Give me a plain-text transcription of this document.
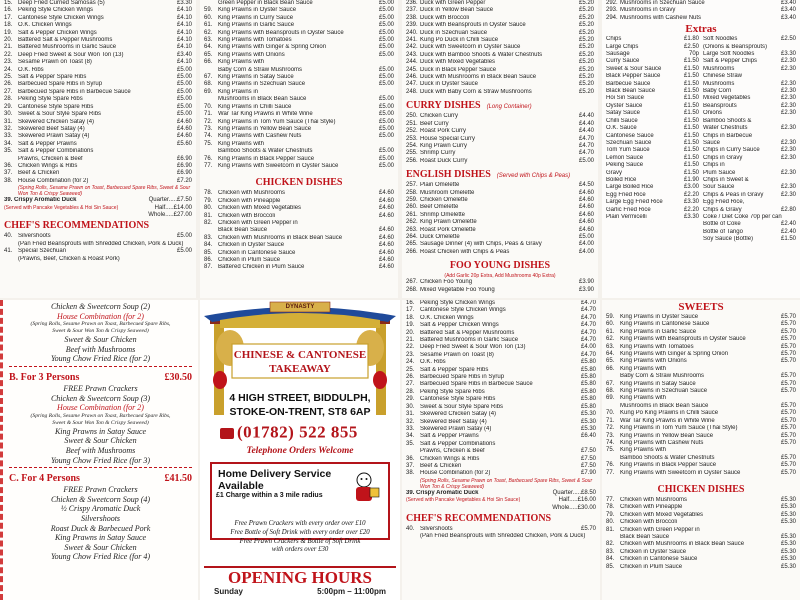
15. Deep Fried Curried Samosas (5)	£3.30
16. Peking Style Chicken Wings	£4.10
17. Cantonese Style Chicken Wings	£4.10
18. O.K. Chicken Wings	£4.10
19. Salt & Pepper Chicken Wings	£4.10
20. Battered Salt & Pepper Mushrooms	£4.10
21. Battered Mushrooms in Garlic Sauce	£4.10
22. Deep Fried Sweet & Sour Won Ton (13)	£3.40
23. Sesame Prawn on Toast (8)	£4.10
24. O.K. Ribs	£5.00
25. Salt & Pepper Spare Ribs	£5.00
26. Barbecued Spare Ribs in Syrup	£5.00
27. Barbecued Spare Ribs in Barbecue Sauce	£5.00
28. Peking Style Spare Ribs	£5.00
29. Cantonese Style Spare Ribs	£5.00
30. Sweet & Sour Style Spare Ribs	£5.00
31. Skewered Chicken Satay (4)	£4.60
32. Skewered Beef Satay (4)	£4.60
33. Skewered Prawn Satay (4)	£4.60
34. Salt & Pepper Prawns	£5.60
35. Salt & Pepper Combinations
Prawns, Chicken & Beef	£6.90
36. Chicken Wings & Ribs	£6.90
37. Beef & Chicken	£6.90
38. House Combination (for 2)	£7.20
(Spring Rolls, Sesame Prawn on Toast, Barbecued Spare Ribs, Sweet & Sour Won Ton & Crispy Seaweed)
39. Crispy Aromatic Duck	Quarter.....£7.50
(Served with Pancake Vegetables & Hoi Sin Sauce)	Half.....£14.00
Whole.....£27.00
CHEF'S RECOMMENDATIONS
40. Silvershoots	£5.00
(Pan Fried Beansprouts with Shredded Chicken, Pork & Duck)
41. Special Szechuan	£5.00
(Prawns, Beef, Chicken & Roast Pork)
Green Pepper in Black Bean Sauce	£5.00
59. King Prawns in Oyster Sauce	£5.00
60. King Prawns in Curry Sauce	£5.00
61. King Prawns in Garlic Sauce	£5.00
62. King Prawns with Beansprouts in Oyster Sauce	£5.00
63. King Prawns with Tomatoes	£5.00
64. King Prawns with Ginger & Spring Onion	£5.00
65. King Prawns with Onions	£5.00
66. King Prawns with
Baby Corn & Straw Mushrooms	£5.00
67. King Prawns in Satay Sauce	£5.00
68. King Prawns in Szechuan Sauce	£5.00
69. King Prawns in
Mushrooms in Black Bean Sauce	£5.00
70. King Prawns in Chilli Sauce	£5.00
71. War Tar King Prawns in White Wine	£5.00
72. King Prawns in Tom Yum Sauce (Thai Style)	£5.00
73. King Prawns in Yellow Bean Sauce	£5.00
74. King Prawns with Cashew Nuts	£5.00
75. King Prawns with
Bamboo Shoots & Water Chestnuts	£5.00
76. King Prawns in Black Pepper Sauce	£5.00
77. King Prawns with Sweetcorn in Oyster Sauce	£5.00
CHICKEN DISHES
78. Chicken with Mushrooms	£4.60
79. Chicken with Pineapple	£4.60
80. Chicken with Mixed Vegetables	£4.60
81. Chicken with Broccoli	£4.60
82. Chicken with Green Pepper in
Black Bean Sauce	£4.60
83. Chicken with Mushrooms in Black Bean Sauce	£4.60
84. Chicken in Oyster Sauce	£4.60
85. Chicken in Cantonese Sauce	£4.60
86. Chicken in Plum Sauce	£4.60
87. Battered Chicken in Plum Sauce	£4.60
236. Duck with Green Pepper	£5.20
237. Duck in Yellow Bean Sauce	£5.20
238. Duck with Broccoli	£5.20
239. Duck with Beansprouts in Oyster Sauce	£5.20
240. Duck in Szechuan Sauce	£5.20
241. Kung Po Duck in Chilli Sauce	£5.20
242. Duck with Sweetcorn in Oyster Sauce	£5.20
243. Duck with Bamboo Shoots & Water Chestnuts	£5.20
244. Duck with Mixed Vegetables	£5.20
245. Duck in Black Pepper Sauce	£5.20
246. Duck with Mushrooms in Black Bean Sauce	£5.20
247. Duck in Oyster Sauce	£5.20
248. Duck with Baby Corn & Straw Mushrooms	£5.20
CURRY DISHES (Long Container)
250. Chicken Curry	£4.40
251. Beef Curry	£4.40
252. Roast Pork Curry	£4.40
253. House Special Curry	£4.70
254. King Prawn Curry	£4.70
255. Shrimp Curry	£4.70
256. Roast Duck Curry	£5.00
ENGLISH DISHES (Served with Chips & Peas)
257. Plain Omelette	£4.50
258. Mushroom Omelette	£4.60
259. Chicken Omelette	£4.60
260. Beef Omelette	£4.60
261. Shrimp Omelette	£4.60
262. King Prawn Omelette	£4.60
263. Roast Pork Omelette	£4.60
264. Duck Omelette	£5.00
265. Sausage Dinner (4) with Chips, Peas & Gravy	£4.00
266. Roast Chicken with Chips & Peas	£4.00
FOO YOUNG DISHES
(Add Garlic 20p Extra, Add Mushrooms 40p Extra)
267. Chicken Foo Young	£3.90
268. Mixed Vegetable Foo Young	£3.90
292. Mushrooms in Szechuan Sauce	£3.40
293. Mushrooms in Gravy	£3.40
294. Mushrooms with Cashew Nuts	£3.40
Extras
Chips	£1.80
Large Chips	£2.50
Sausage	70p
Curry Sauce	£1.50
Sweet & Sour Sauce	£1.50
Black Pepper Sauce	£1.50
Barbecue Sauce	£1.50
Black Bean Sauce	£1.50
Hoi Sin Sauce	£1.50
Oyster Sauce	£1.50
Satay Sauce	£1.50
Chilli Sauce	£1.50
O.K. Sauce	£1.50
Cantonese Sauce	£1.50
Szechuan Sauce	£1.50
Tom Yum Sauce	£1.50
Lemon Sauce	£1.50
Peking Sauce	£1.50
Gravy	£1.50
Boiled Rice	£1.90
Large Boiled Rice	£3.00
Egg Fried Rice	£2.20
Large Egg Fried Rice	£3.30
Garlic Fried Rice	£2.20
Plain Vermicelli	£3.30
Soft Noodles	£2.50
(Onions & Beansprouts)
Large Soft Noodles	£3.30
Salt & Pepper Chips	£2.30
Mushrooms	£2.30
Chinese Straw
Mushrooms	£2.30
Baby Corn	£2.30
Mixed Vegetables	£2.30
Beansprouts	£2.30
Onions	£2.30
Bamboo Shoots &
Water Chestnuts	£2.30
Chips in Barbecue
Sauce	£2.30
Chips in Curry Sauce	£2.30
Chips in Gravy	£2.30
Chips in
Plum Sauce	£2.30
Chips in Sweet &
Sour Sauce	£2.30
Chips & Peas in Gravy	£2.30
Egg Fried Rice,
Chips & Gravy	£2.80
Coke / Diet Coke 70p per can
Bottle of Coke	£2.40
Bottle of Tango	£2.40
Soy Sauce (Bottle)	£1.50
Chicken & Sweetcorn Soup (2)
House Combination (for 2)
(Spring Rolls, Sesame Prawn on Toast, Barbecued Spare Ribs,
Sweet & Sour Won Ton & Crispy Seaweed)
Sweet & Sour Chicken
Beef with Mushrooms
Young Chow Fried Rice (for 2)
B. For 3 Persons	£30.50
FREE Prawn Crackers
Chicken & Sweetcorn Soup (3)
House Combination (for 2)
(Spring Rolls, Sesame Prawn on Toast, Barbecued Spare Ribs,
Sweet & Sour Won Ton & Crispy Seaweed)
King Prawns in Satay Sauce
Sweet & Sour Chicken
Beef with Mushrooms
Young Chow Fried Rice (for 3)
C. For 4 Persons	£41.50
FREE Prawn Crackers
Chicken & Sweetcorn Soup (4)
½ Crispy Aromatic Duck
Silvershoots
Roast Duck & Barbecued Pork
King Prawns in Satay Sauce
Sweet & Sour Chicken
Young Chow Fried Rice (for 4)
DYNASTY
CHINESE & CANTONESE
TAKEAWAY
4 HIGH STREET, BIDDULPH,
STOKE-ON-TRENT, ST8 6AP
(01782) 522 855
Telephone Orders Welcome
Home Delivery Service Available
£1 Charge within a 3 mile radius
Free Prawn Crackers with every order over £10
Free Bottle of Soft Drink with every order over £20
Free Prawn Crackers & Bottle of Soft Drink
with orders over £30
OPENING HOURS
Sunday	5:00pm – 11:00pm
16. Peking Style Chicken Wings	£4.70
17. Cantonese Style Chicken Wings	£4.70
18. O.K. Chicken Wings	£4.70
19. Salt & Pepper Chicken Wings	£4.70
20. Battered Salt & Pepper Mushrooms	£4.70
21. Battered Mushrooms in Garlic Sauce	£4.70
22. Deep Fried Sweet & Sour Won Ton (13)	£4.00
23. Sesame Prawn on Toast (8)	£4.70
24. O.K. Ribs	£5.80
25. Salt & Pepper Spare Ribs	£5.80
26. Barbecued Spare Ribs in Syrup	£5.80
27. Barbecued Spare Ribs in Barbecue Sauce	£5.80
28. Peking Style Spare Ribs	£5.80
29. Cantonese Style Spare Ribs	£5.80
30. Sweet & Sour Style Spare Ribs	£5.80
31. Skewered Chicken Satay (4)	£5.30
32. Skewered Beef Satay (4)	£5.30
33. Skewered Prawn Satay (4)	£5.30
34. Salt & Pepper Prawns	£6.40
35. Salt & Pepper Combinations
Prawns, Chicken & Beef	£7.50
36. Chicken Wings & Ribs	£7.50
37. Beef & Chicken	£7.50
38. House Combination (for 2)	£7.90
(Spring Rolls, Sesame Prawn on Toast, Barbecued Spare Ribs, Sweet & Sour Won Ton & Crispy Seaweed)
39. Crispy Aromatic Duck	Quarter.....£8.50
(Served with Pancake Vegetables & Hoi Sin Sauce)	Half.....£16.00
Whole.....£30.00
CHEF'S RECOMMENDATIONS
40. Silvershoots	£5.70
(Pan Fried Beansprouts with Shredded Chicken, Pork & Duck)
SWEETS
59. King Prawns in Oyster Sauce	£5.70
60. King Prawns in Cantonese Sauce	£5.70
61. King Prawns in Garlic Sauce	£5.70
62. King Prawns with Beansprouts in Oyster Sauce	£5.70
63. King Prawns with Tomatoes	£5.70
64. King Prawns with Ginger & Spring Onion	£5.70
65. King Prawns with Onions	£5.70
66. King Prawns with
Baby Corn & Straw Mushrooms	£5.70
67. King Prawns in Satay Sauce	£5.70
68. King Prawns in Szechuan Sauce	£5.70
69. King Prawns with
Mushrooms in Black Bean Sauce	£5.70
70. Kung Po King Prawns in Chilli Sauce	£5.70
71. War Tar King Prawns in White Wine	£5.70
72. King Prawns in Tom Yum Sauce (Thai Style)	£5.70
73. King Prawns in Yellow Bean Sauce	£5.70
74. King Prawns with Cashew Nuts	£5.70
75. King Prawns with
Bamboo Shoots & Water Chestnuts	£5.70
76. King Prawns in Black Pepper Sauce	£5.70
77. King Prawns with Sweetcorn in Oyster Sauce	£5.70
CHICKEN DISHES
77. Chicken with Mushrooms	£5.30
78. Chicken with Pineapple	£5.30
79. Chicken with Mixed Vegetables	£5.30
80. Chicken with Broccoli	£5.30
81. Chicken with Green Pepper in
Black Bean Sauce	£5.30
82. Chicken with Mushrooms in Black Bean Sauce	£5.30
83. Chicken in Oyster Sauce	£5.30
84. Chicken in Cantonese Sauce	£5.30
85. Chicken in Plum Sauce	£5.30
